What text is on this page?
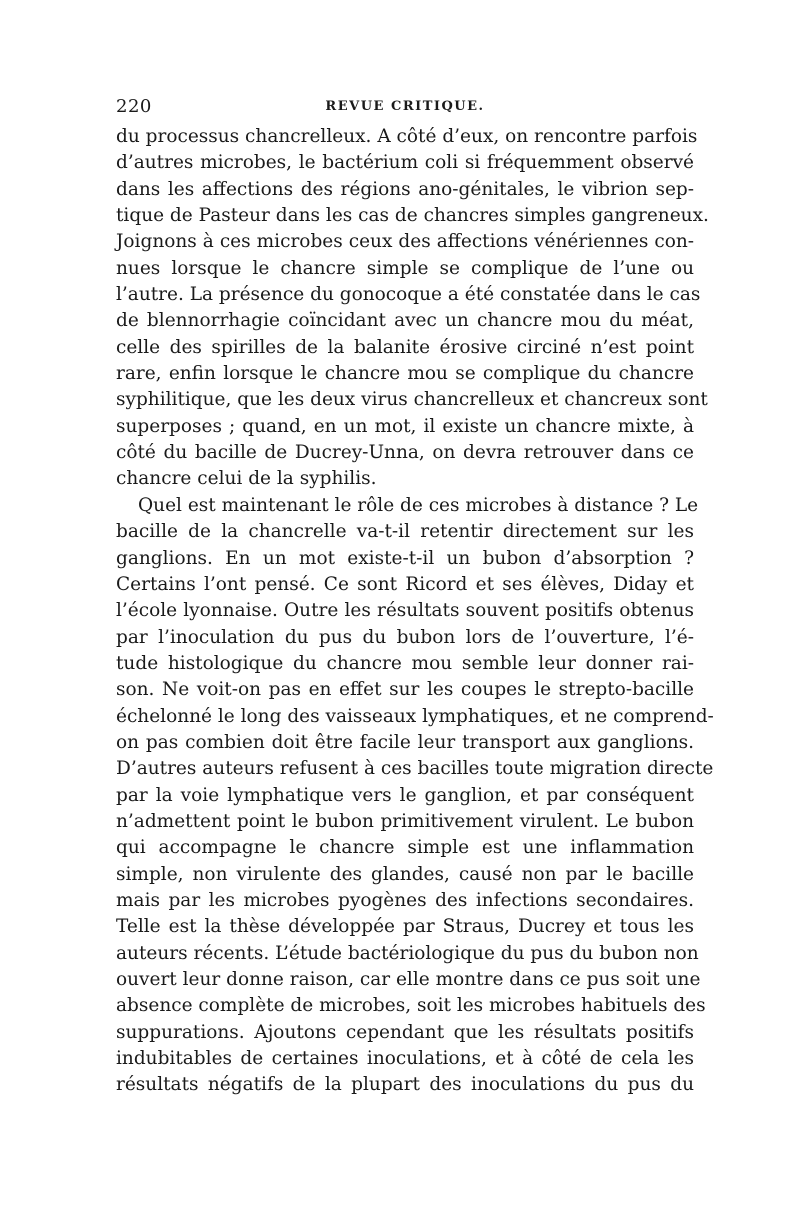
220	REVUE CRITIQUE.
du processus chancrelleux. A côté d’eux, on rencontre parfois
d’autres microbes, le bactérium coli si fréquemment observé
dans les affections des régions ano-génitales, le vibrion sep-
tique de Pasteur dans les cas de chancres simples gangreneux.
Joignons à ces microbes ceux des affections vénériennes con-
nues lorsque le chancre simple se complique de l’une ou
l’autre. La présence du gonocoque a été constatée dans le cas
de blennorrhagie coïncidant avec un chancre mou du méat,
celle des spirilles de la balanite érosive circiné n’est point
rare, enfin lorsque le chancre mou se complique du chancre
syphilitique, que les deux virus chancrelleux et chancreux sont
superposes ; quand, en un mot, il existe un chancre mixte, à
côté du bacille de Ducrey-Unna, on devra retrouver dans ce
chancre celui de la syphilis.
Quel est maintenant le rôle de ces microbes à distance ? Le
bacille de la chancrelle va-t-il retentir directement sur les
ganglions. En un mot existe-t-il un bubon d’absorption ?
Certains l’ont pensé. Ce sont Ricord et ses élèves, Diday et
l’école lyonnaise. Outre les résultats souvent positifs obtenus
par l’inoculation du pus du bubon lors de l’ouverture, l’é-
tude histologique du chancre mou semble leur donner rai-
son. Ne voit-on pas en effet sur les coupes le strepto-bacille
échelonné le long des vaisseaux lymphatiques, et ne comprend-
on pas combien doit être facile leur transport aux ganglions.
D’autres auteurs refusent à ces bacilles toute migration directe
par la voie lymphatique vers le ganglion, et par conséquent
n’admettent point le bubon primitivement virulent. Le bubon
qui accompagne le chancre simple est une inflammation
simple, non virulente des glandes, causé non par le bacille
mais par les microbes pyogènes des infections secondaires.
Telle est la thèse développée par Straus, Ducrey et tous les
auteurs récents. L’étude bactériologique du pus du bubon non
ouvert leur donne raison, car elle montre dans ce pus soit une
absence complète de microbes, soit les microbes habituels des
suppurations. Ajoutons cependant que les résultats positifs
indubitables de certaines inoculations, et à côté de cela les
résultats négatifs de la plupart des inoculations du pus du
